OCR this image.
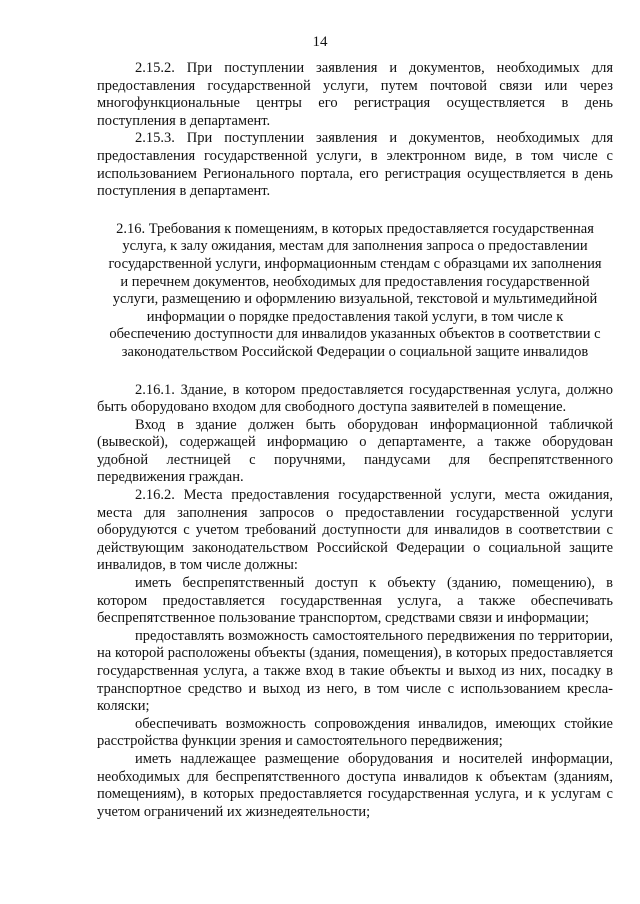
14

2.15.2. При поступлении заявления и документов, необходимых для предоставления государственной услуги, путем почтовой связи или через многофункциональные центры его регистрация осуществляется в день поступления в департамент.

2.15.3. При поступлении заявления и документов, необходимых для предоставления государственной услуги, в электронном виде, в том числе с использованием Регионального портала, его регистрация осуществляется в день поступления в департамент.

2.16. Требования к помещениям, в которых предоставляется государственная услуга, к залу ожидания, местам для заполнения запроса о предоставлении государственной услуги, информационным стендам с образцами их заполнения и перечнем документов, необходимых для предоставления государственной услуги, размещению и оформлению визуальной, текстовой и мультимедийной информации о порядке предоставления такой услуги, в том числе к обеспечению доступности для инвалидов указанных объектов в соответствии с законодательством Российской Федерации о социальной защите инвалидов

2.16.1. Здание, в котором предоставляется государственная услуга, должно быть оборудовано входом для свободного доступа заявителей в помещение.

Вход в здание должен быть оборудован информационной табличкой (вывеской), содержащей информацию о департаменте, а также оборудован удобной лестницей с поручнями, пандусами для беспрепятственного передвижения граждан.

2.16.2. Места предоставления государственной услуги, места ожидания, места для заполнения запросов о предоставлении государственной услуги оборудуются с учетом требований доступности для инвалидов в соответствии с действующим законодательством Российской Федерации о социальной защите инвалидов, в том числе должны:

иметь беспрепятственный доступ к объекту (зданию, помещению), в котором предоставляется государственная услуга, а также обеспечивать беспрепятственное пользование транспортом, средствами связи и информации;

предоставлять возможность самостоятельного передвижения по территории, на которой расположены объекты (здания, помещения), в которых предоставляется государственная услуга, а также вход в такие объекты и выход из них, посадку в транспортное средство и выход из него, в том числе с использованием кресла-коляски;

обеспечивать возможность сопровождения инвалидов, имеющих стойкие расстройства функции зрения и самостоятельного передвижения;

иметь надлежащее размещение оборудования и носителей информации, необходимых для беспрепятственного доступа инвалидов к объектам (зданиям, помещениям), в которых предоставляется государственная услуга, и к услугам с учетом ограничений их жизнедеятельности;
